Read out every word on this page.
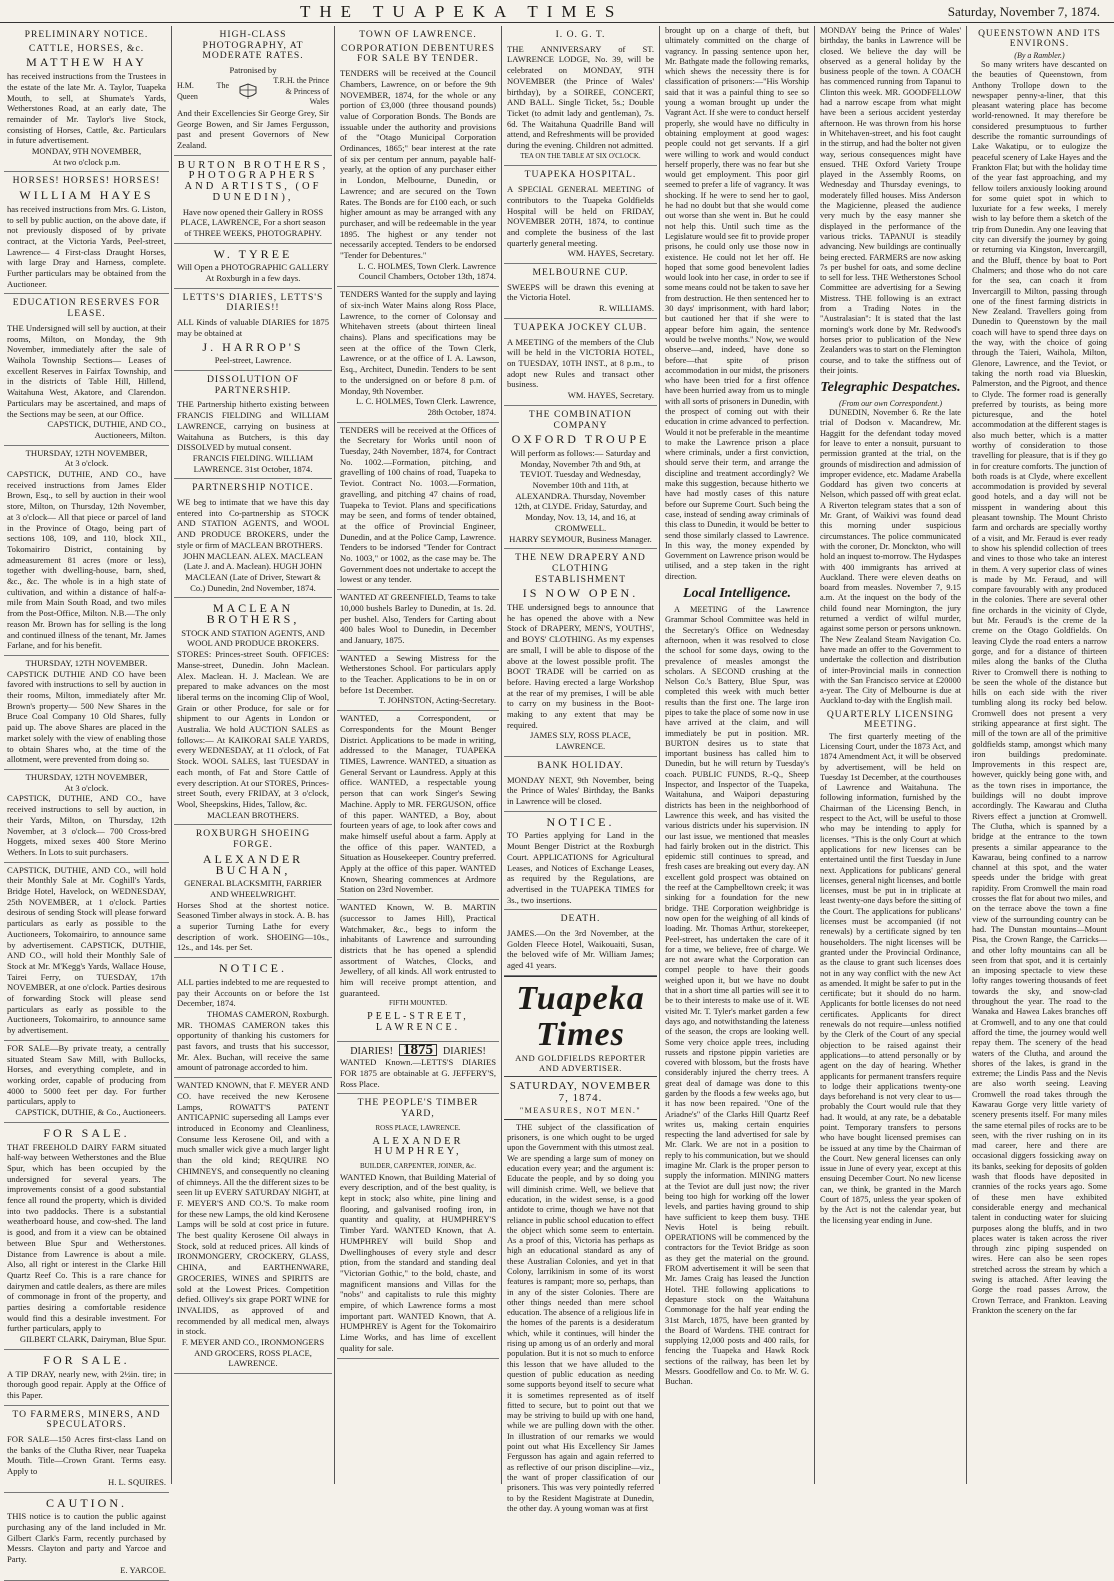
THE TUAPEKA TIMES	Saturday, November 7, 1874.
PRELIMINARY NOTICE.
CATTLE, HORSES, &c.
MATTHEW HAY
has received instructions from the Trustees in the estate of the late Mr. A. Taylor, Tuapeka Mouth, to sell, at Shumate's Yards, Wetherstones Road, at an early date, The remainder of Mr. Taylor's live Stock, consisting of Horses, Cattle, &c. Particulars in future advertisement.
MONDAY, 9TH NOVEMBER,
At two o'clock p.m.
HORSES! HORSES! HORSES!
WILLIAM HAYES
has received instructions from Mrs. G. Liston, to sell by public auction, on the above date, if not previously disposed of by private contract, at the Victoria Yards, Peel-street, Lawrence— 4 First-class Draught Horses, with large Dray and Harness, complete. Further particulars may be obtained from the Auctioneer.
EDUCATION RESERVES FOR LEASE.
THE Undersigned will sell by auction, at their rooms, Milton, on Monday, the 9th November, immediately after the sale of Waihola Township Sections— Leases of excellent Reserves in Fairfax Township, and in the districts of Table Hill, Hillend, Waitahuna West, Akatore, and Clarendon. Particulars may be ascertained, and maps of the Sections may be seen, at our Office.
CAPSTICK, DUTHIE, AND CO., Auctioneers, Milton.
THURSDAY, 12TH NOVEMBER,
At 3 o'clock.
CAPSTICK, DUTHIE, AND CO., have received instructions from James Elder Brown, Esq., to sell by auction in their wool store, Milton, on Thursday, 12th November, at 3 o'clock— All that piece or parcel of land in the Province of Otago, being part of sections 108, 109, and 110, block XII., Tokomairiro District, containing by admeasurement 81 acres (more or less), together with dwelling-house, barn, shed, &c., &c. The whole is in a high state of cultivation, and within a distance of half-a-mile from Main South Road, and two miles from the Post-Office, Milton. N.B.—The only reason Mr. Brown has for selling is the long and continued illness of the tenant, Mr. James Farlane, and for his benefit.
THURSDAY, 12TH NOVEMBER.
CAPSTICK DUTHIE AND CO have been favored with instructions to sell by auction in their rooms, Milton, immediately after Mr. Brown's property— 500 New Shares in the Bruce Coal Company 10 Old Shares, fully paid up. The above Shares are placed in the market solely with the view of enabling those to obtain Shares who, at the time of the allotment, were prevented from doing so.
THURSDAY, 12TH NOVEMBER,
At 3 o'clock.
CAPSTICK, DUTHIE, AND CO., have received instructions to sell by auction, in their Yards, Milton, on Thursday, 12th November, at 3 o'clock— 700 Cross-bred Hoggets, mixed sexes 400 Store Merino Wethers. In Lots to suit purchasers.
CAPSTICK, DUTHIE, AND CO., will hold their Monthly Sale at Mr. Coghill's Yards, Bridge Hotel, Havelock, on WEDNESDAY, 25th NOVEMBER, at 1 o'clock. Parties desirous of sending Stock will please forward particulars as early as possible to the Auctioneers, Tokomairiro, to announce same by advertisement. CAPSTICK, DUTHIE, AND CO., will hold their Monthly Sale of Stock at Mr. M'Kegg's Yards, Wallace House, Tairei Ferry, on TUESDAY, 17th NOVEMBER, at one o'clock. Parties desirous of forwarding Stock will please send particulars as early as possible to the Auctioneers, Tokomairiro, to announce same by advertisement.
FOR SALE—By private treaty, a centrally situated Steam Saw Mill, with Bullocks, Horses, and everything complete, and in working order, capable of producing from 4000 to 5000 feet per day. For further particulars, apply to
CAPSTICK, DUTHIE, & Co., Auctioneers.
FOR SALE.
THAT FREEHOLD DAIRY FARM situated half-way between Wetherstones and the Blue Spur, which has been occupied by the undersigned for several years. The improvements consist of a good substantial fence all round the property, which is divided into two paddocks. There is a substantial weatherboard house, and cow-shed. The land is good, and from it a view can be obtained between Blue Spur and Wetherstones. Distance from Lawrence is about a mile. Also, all right or interest in the Clarke Hill Quartz Reef Co. This is a rare chance for dairymen and cattle dealers, as there are miles of commonage in front of the property, and parties desiring a comfortable residence would find this a desirable investment. For further particulars, apply to
GILBERT CLARK, Dairyman, Blue Spur.
FOR SALE.
A TIP DRAY, nearly new, with 2½in. tire; in thorough good repair. Apply at the Office of this Paper.
TO FARMERS, MINERS, AND SPECULATORS.
FOR SALE—150 Acres first-class Land on the banks of the Clutha River, near Tuapeka Mouth. Title—Crown Grant. Terms easy. Apply to
H. L. SQUIRES.
CAUTION.
THIS notice is to caution the public against purchasing any of the land included in Mr. Gilbert Clark's Farm, recently purchased by Messrs. Clayton and party and Yarcoe and Party.
E. YARCOE.
HIGH-CLASS PHOTOGRAPHY, AT MODERATE RATES.
Patronised by
H.M. The Queen
T.R.H. the Prince & Princess of Wales
And their Excellencies Sir George Grey, Sir George Bowen, and Sir James Fergusson, past and present Governors of New Zealand.
BURTON BROTHERS, PHOTOGRAPHERS AND ARTISTS, (OF DUNEDIN),
Have now opened their Gallery in ROSS PLACE, LAWRENCE, For a short season of THREE WEEKS, PHOTOGRAPHY.
W. TYREE
Will Open a PHOTOGRAPHIC GALLERY At Roxburgh in a few days.
LETTS'S DIARIES, LETTS'S DIARIES!!
ALL Kinds of valuable DIARIES for 1875 may be obtained at
J. HARROP'S
Peel-street, Lawrence.
DISSOLUTION OF PARTNERSHIP.
THE Partnership hitherto existing between FRANCIS FIELDING and WILLIAM LAWRENCE, carrying on business at Waitahuna as Butchers, is this day DISSOLVED by mutual consent.
FRANCIS FIELDING. WILLIAM LAWRENCE. 31st October, 1874.
PARTNERSHIP NOTICE.
WE beg to intimate that we have this day entered into Co-partnership as STOCK AND STATION AGENTS, and WOOL AND PRODUCE BROKERS, under the style or firm of MACLEAN BROTHERS.
JOHN MACLEAN. ALEX. MACLEAN (Late J. and A. Maclean). HUGH JOHN MACLEAN (Late of Driver, Stewart & Co.) Dunedin, 2nd November, 1874.
MACLEAN BROTHERS,
STOCK AND STATION AGENTS, AND WOOL AND PRODUCE BROKERS.
STORES: Princes-street South. OFFICES: Manse-street, Dunedin. John Maclean. Alex. Maclean. H. J. Maclean. We are prepared to make advances on the most liberal terms on the incoming Clip of Wool, Grain or other Produce, for sale or for shipment to our Agents in London or Australia. We hold AUCTION SALES as follows:— At KAIKORAI SALE YARDS, every WEDNESDAY, at 11 o'clock, of Fat Stock. WOOL SALES, last TUESDAY in each month, of Fat and Store Cattle of every description. At our STORES, Princes-street South, every FRIDAY, at 3 o'clock, Wool, Sheepskins, Hides, Tallow, &c.
MACLEAN BROTHERS.
ROXBURGH SHOEING FORGE.
ALEXANDER BUCHAN,
GENERAL BLACKSMITH, FARRIER AND WHEELWRIGHT.
Horses Shod at the shortest notice. Seasoned Timber always in stock. A. B. has a superior Turning Lathe for every description of work. SHOEING—10s., 12s., and 14s. per Set.
NOTICE.
ALL parties indebted to me are requested to pay their Accounts on or before the 1st December, 1874.
THOMAS CAMERON, Roxburgh.
MR. THOMAS CAMERON takes this opportunity of thanking his customers for past favors, and trusts that his successor, Mr. Alex. Buchan, will receive the same amount of patronage accorded to him.
WANTED KNOWN, that F. MEYER AND CO. have received the new Kerosene Lamps, ROWATT'S PATENT ANTICAPNIC superseding all Lamps ever introduced in Economy and Cleanliness, Consume less Kerosene Oil, and with a much smaller wick give a much larger light than the old kind; REQUIRE NO CHIMNEYS, and consequently no cleaning of chimneys. All the the different sizes to be seen lit up EVERY SATURDAY NIGHT, at F. MEYER'S AND CO.'S. To make room for these new Lamps, the old kind Kerosene Lamps will be sold at cost price in future. The best quality Kerosene Oil always in Stock, sold at reduced prices. All kinds of IRONMONGERY, CROCKERY, GLASS, CHINA, and EARTHENWARE, GROCERIES, WINES and SPIRITS are sold at the Lowest Prices. Competition defied. Ollivey's six grape PORT WINE for INVALIDS, as approved of and recommended by all medical men, always in stock.
F. MEYER AND CO., IRONMONGERS AND GROCERS, ROSS PLACE, LAWRENCE.
TOWN OF LAWRENCE.
CORPORATION DEBENTURES FOR SALE BY TENDER.
TENDERS will be received at the Council Chambers, Lawrence, on or before the 9th NOVEMBER, 1874, for the whole or any portion of £3,000 (three thousand pounds) value of Corporation Bonds. The Bonds are issuable under the authority and provisions of the "Otago Municipal Corporation Ordinances, 1865;" bear interest at the rate of six per centum per annum, payable half-yearly, at the option of any purchaser either in London, Melbourne, Dunedin, or Lawrence; and are secured on the Town Rates. The Bonds are for £100 each, or such higher amount as may be arranged with any purchaser, and will be redeemable in the year 1895. The highest or any tender not necessarily accepted. Tenders to be endorsed "Tender for Debentures."
L. C. HOLMES, Town Clerk. Lawrence Council Chambers, October 13th, 1874.
TENDERS Wanted for the supply and laying of six-inch Water Mains along Ross Place, Lawrence, to the corner of Colonsay and Whitehaven streets (about thirteen lineal chains). Plans and specifications may be seen at the office of the Town Clerk, Lawrence, or at the office of I. A. Lawson, Esq., Architect, Dunedin. Tenders to be sent to the undersigned on or before 8 p.m. of Monday, 9th November.
L. C. HOLMES, Town Clerk. Lawrence, 28th October, 1874.
TENDERS will be received at the Offices of the Secretary for Works until noon of Tuesday, 24th November, 1874, for Contract No. 1002.—Formation, pitching, and gravelling of 100 chains of road, Tuapeka to Teviot. Contract No. 1003.—Formation, gravelling, and pitching 47 chains of road, Tuapeka to Teviot. Plans and specifications may be seen, and forms of tender obtained, at the office of Provincial Engineer, Dunedin, and at the Police Camp, Lawrence. Tenders to be indorsed "Tender for Contract No. 1003," or 1002, as the case may be. The Government does not undertake to accept the lowest or any tender.
WANTED AT GREENFIELD, Teams to take 10,000 bushels Barley to Dunedin, at 1s. 2d. per bushel. Also, Tenders for Carting about 400 bales Wool to Dunedin, in December and January, 1875.
WANTED a Sewing Mistress for the Wetherstones School. For particulars apply to the Teacher. Applications to be in on or before 1st December.
T. JOHNSTON, Acting-Secretary.
WANTED, a Correspondent, or Correspondents for the Mount Benger District. Applications to be made in writing, addressed to the Manager, TUAPEKA TIMES, Lawrence. WANTED, a situation as General Servant or Laundress. Apply at this office. WANTED, a respectable young person that can work Singer's Sewing Machine. Apply to MR. FERGUSON, office of this paper. WANTED, a Boy, about fourteen years of age, to look after cows and make himself useful about a farm. Apply at the office of this paper. WANTED, a Situation as Housekeeper. Country preferred. Apply at the office of this paper. WANTED Known, Shearing commences at Ardmore Station on 23rd November.
WANTED Known, W. B. MARTIN (successor to James Hill), Practical Watchmaker, &c., begs to inform the inhabitants of Lawrence and surrounding districts that he has opened a splendid assortment of Watches, Clocks, and Jewellery, of all kinds. All work entrusted to him will receive prompt attention, and guaranteed.
FIFTH MOUNTED.
PEEL-STREET, LAWRENCE.
DIARIES! 1875 DIARIES!
WANTED Known.—LETTS'S DIARIES FOR 1875 are obtainable at G. JEFFERY'S, Ross Place.
THE PEOPLE'S TIMBER YARD,
ROSS PLACE, LAWRENCE.
ALEXANDER HUMPHREY,
BUILDER, CARPENTER, JOINER, &c.
WANTED Known, that Building Material of every description, and of the best quality, is kept in stock; also white, pine lining and flooring, and galvanised roofing iron, in quantity and quality, at HUMPHREY'S Timber Yard. WANTED Known, that A. HUMPHREY will build Shop and Dwellinghouses of every style and descr ption, from the standard and standing deal "Victorian Gothic," to the bold, chaste, and magnificent mansions and Villas for the "nobs" and capitalists to rule this mighty empire, of which Lawrence forms a most important part. WANTED Known, that A. HUMPHREY is Agent for the Tokomairiro Lime Works, and has lime of excellent quality for sale.
I. O. G. T.
THE ANNIVERSARY of ST. LAWRENCE LODGE, No. 39, will be celebrated on MONDAY, 9TH NOVEMBER (the Prince of Wales' birthday), by a SOIREE, CONCERT, AND BALL. Single Ticket, 5s.; Double Ticket (to admit lady and gentleman), 7s. 6d. The Waitahuna Quadrille Band will attend, and Refreshments will be provided during the evening. Children not admitted.
TEA ON THE TABLE AT SIX O'CLOCK.
TUAPEKA HOSPITAL.
A SPECIAL GENERAL MEETING of contributors to the Tuapeka Goldfields Hospital will be held on FRIDAY, NOVEMBER 20TH, 1874, to continue and complete the business of the last quarterly general meeting.
WM. HAYES, Secretary.
MELBOURNE CUP.
SWEEPS will be drawn this evening at the Victoria Hotel.
R. WILLIAMS.
TUAPEKA JOCKEY CLUB.
A MEETING of the members of the Club will be held in the VICTORIA HOTEL, on TUESDAY, 10TH INST., at 8 p.m., to adopt new Rules and transact other business.
WM. HAYES, Secretary.
THE COMBINATION COMPANY
OXFORD TROUPE
Will perform as follows:— Saturday and Monday, November 7th and 9th, at TEVIOT. Tuesday and Wednesday, November 10th and 11th, at ALEXANDRA. Thursday, November 12th, at CLYDE. Friday, Saturday, and Monday, Nov. 13, 14, and 16, at CROMWELL.
HARRY SEYMOUR, Business Manager.
THE NEW DRAPERY AND CLOTHING ESTABLISHMENT
IS NOW OPEN.
THE undersigned begs to announce that he has opened the above with a New Stock of DRAPERY, MEN'S, YOUTHS', and BOYS' CLOTHING. As my expenses are small, I will be able to dispose of the above at the lowest possible profit. The BOOT TRADE will be carried on as before. Having erected a large Workshop at the rear of my premises, I will be able to carry on my business in the Boot-making to any extent that may be required.
JAMES SLY, ROSS PLACE, LAWRENCE.
BANK HOLIDAY.
MONDAY NEXT, 9th November, being the Prince of Wales' Birthday, the Banks in Lawrence will be closed.
NOTICE.
TO Parties applying for Land in the Mount Benger District at the Roxburgh Court. APPLICATIONS for Agricultural Leases, and Notices of Exchange Leases, as required by the Regulations, are advertised in the TUAPEKA TIMES for 3s., two insertions.
DEATH.
JAMES.—On the 3rd November, at the Golden Fleece Hotel, Waikouaiti, Susan, the beloved wife of Mr. William James; aged 41 years.
Tuapeka Times
AND GOLDFIELDS REPORTER AND ADVERTISER.
SATURDAY, NOVEMBER 7, 1874.
"MEASURES, NOT MEN."
THE subject of the classification of prisoners, is one which ought to be urged upon the Government with this utmost zeal. We are spending a large sum of money on education every year; and the argument is: Educate the people, and by so doing you will diminish crime. Well, we believe that education, in the widest sense, is a good antidote to crime, though we have not that reliance in public school education to effect the object which some seem to entertain. As a proof of this, Victoria has perhaps as high an educational standard as any of these Australian Colonies, and yet in that Colony, larrikinism in some of its worst features is rampant; more so, perhaps, than in any of the sister Colonies. There are other things needed than mere school education. The absence of a religious life in the homes of the parents is a desideratum which, while it continues, will hinder the rising up among us of an orderly and moral population. But it is not so much to enforce this lesson that we have alluded to the question of public education as needing some supports beyond itself to secure what it is sometimes represented as of itself fitted to secure, but to point out that we may be striving to build up with one hand, while we are pulling down with the other. In illustration of our remarks we would point out what His Excellency Sir James Fergusson has again and again referred to as reflective of our prison discipline—viz., the want of proper classification of our prisoners. This was very pointedly referred to by the Resident Magistrate at Dunedin, the other day. A young woman was at first
brought up on a charge of theft, but ultimately committed on the charge of vagrancy. In passing sentence upon her, Mr. Bathgate made the following remarks, which shews the necessity there is for classification of prisoners:—"His Worship said that it was a painful thing to see so young a woman brought up under the Vagrant Act. If she were to conduct herself properly, she would have no difficulty in obtaining employment at good wages: people could not get servants. If a girl were willing to work and would conduct herself properly, there was no fear but she would get employment. This poor girl seemed to prefer a life of vagrancy. It was shocking. If he were to send her to gaol, he had no doubt but that she would come out worse than she went in. But he could not help this. Until such time as the Legislature would see fit to provide proper prisons, he could only use those now in existence. He could not let her off. He hoped that some good benevolent ladies would look into her case, in order to see if some means could not be taken to save her from destruction. He then sentenced her to 30 days' imprisonment, with hard labor; but cautioned her that if she were to appear before him again, the sentence would be twelve months." Now, we would observe—and, indeed, have done so before—that spite of prison accommodation in our midst, the prisoners who have been tried for a first offence have been hurried away from us to mingle with all sorts of prisoners in Dunedin, with the prospect of coming out with their education in crime advanced to perfection. Would it not be preferable in the meantime to make the Lawrence prison a place where criminals, under a first conviction, should serve their term, and arrange the discipline and treatment accordingly? We make this suggestion, because hitherto we have had mostly cases of this nature before our Supreme Court. Such being the case, instead of sending away criminals of this class to Dunedin, it would be better to send those similarly classed to Lawrence. In this way, the money expended by Government on Lawrence prison would be utilised, and a step taken in the right direction.
Local Intelligence.
A MEETING of the Lawrence Grammar School Committee was held in the Secretary's Office on Wednesday afternoon, when it was resolved to close the school for some days, owing to the prevalence of measles amongst the scholars. A SECOND crushing at the Nelson Co.'s Battery, Blue Spur, was completed this week with much better results than the first one. The large iron pipes to take the place of some now in use have arrived at the claim, and will immediately be put in position. MR. BURTON desires us to state that important business has called him to Dunedin, but he will return by Tuesday's coach. PUBLIC FUNDS, R.-Q., Sheep Inspector, and Inspector of the Tuapeka, Waitahuna, and Waipori depasturing districts has been in the neighborhood of Lawrence this week, and has visited the various districts under his supervision. IN our last issue, we mentioned that measles had fairly broken out in the district. This epidemic still continues to spread, and fresh cases are breaking out every day. AN excellent gold prospect was obtained on the reef at the Campbelltown creek; it was sinking for a foundation for the new bridge. THE Corporation weighbridge is now open for the weighing of all kinds of loading. Mr. Thomas Arthur, storekeeper, Peel-street, has undertaken the care of it for a time, we believe, free of charge. We are not aware what the Corporation can compel people to have their goods weighed upon it, but we have no doubt that in a short time all parties will see it to be to their interests to make use of it. WE visited Mr. T. Tyler's market garden a few days ago, and notwithstanding the lateness of the season, the crops are looking well. Some very choice apple trees, including russets and ripstone pippin varieties are covered with blossom, but the frosts have considerably injured the cherry trees. A great deal of damage was done to this garden by the floods a few weeks ago, but it has now been repaired. "One of the Ariadne's" of the Clarks Hill Quartz Reef writes us, making certain enquiries respecting the land advertised for sale by Mr. Clark. We are not in a position to reply to his communication, but we should imagine Mr. Clark is the proper person to supply the information. MINING matters at the Teviot are dull just now; the river being too high for working off the lower levels, and parties having ground to ship have sufficient to keep them busy. THE Nevis Hotel is being rebuilt. OPERATIONS will be commenced by the contractors for the Teviot Bridge as soon as they get the material on the ground. FROM advertisement it will be seen that Mr. James Craig has leased the Junction Hotel. THE following applications to depasture stock on the Waitahuna Commonage for the half year ending the 31st March, 1875, have been granted by the Board of Wardens. THE contract for supplying 12,000 posts and 400 rails, for fencing the Tuapeka and Hawk Rock sections of the railway, has been let by Messrs. Goodfellow and Co. to Mr. W. G. Buchan.
MONDAY being the Prince of Wales' birthday, the banks in Lawrence will be closed. We believe the day will be observed as a general holiday by the business people of the town. A COACH has commenced running from Tapanui to Clinton this week. MR. GOODFELLOW had a narrow escape from what might have been a serious accident yesterday afternoon. He was thrown from his horse in Whitehaven-street, and his foot caught in the stirrup, and had the bolter not given way, serious consequences might have ensued. THE Oxford Variety Troupe played in the Assembly Rooms, on Wednesday and Thursday evenings, to moderately filled houses. Miss Anderson the Magicienne, pleased the audience very much by the easy manner she displayed in the performance of the various tricks. TAPANUI is steadily advancing. New buildings are continually being erected. FARMERS are now asking 7s per bushel for oats, and some decline to sell for less. THE Wetherstones School Committee are advertising for a Sewing Mistress. THE following is an extract from a Trading Notes in the "Australasian": It is stated that the last morning's work done by Mr. Redwood's horses prior to publication of the New Zealanders was to start on the Flemington course, and to take the stiffness out of their joints.
Telegraphic Despatches.
(From our own Correspondent.)
DUNEDIN, November 6. Re the late trial of Dodson v. Macandrew, Mr. Haggitt for the defendant today moved for leave to enter a nonsuit, pursuant to permission granted at the trial, on the grounds of misdirection and admission of improper evidence, etc. Madame Arabella Goddard has given two concerts at Nelson, which passed off with great eclat. A Riverton telegram states that a son of Mr. Grant, of Waikivi was found dead this morning under suspicious circumstances. The police communicated with the coroner, Dr. Monckton, who will hold an inquest to-morrow. The Hydaspes with 400 immigrants has arrived at Auckland. There were eleven deaths on board from measles. November 7, 9.15 a.m. At the inquest on the body of the child found near Mornington, the jury returned a verdict of wilful murder, against some person or persons unknown. The New Zealand Steam Navigation Co. have made an offer to the Government to undertake the collection and distribution of inter-Provincial mails in connection with the San Francisco service at £20000 a-year. The City of Melbourne is due at Auckland to-day with the English mail.
QUARTERLY LICENSING MEETING.
The first quarterly meeting of the Licensing Court, under the 1873 Act, and 1874 Amendment Act, it will be observed by advertisement, will be held on Tuesday 1st December, at the courthouses of Lawrence and Waitahuna. The following information, furnished by the Chairman of the Licensing Bench, in respect to the Act, will be useful to those who may be intending to apply for licenses. "This is the only Court at which applications for new licenses can be entertained until the first Tuesday in June next. Applications for publicans' general licenses, general night licenses, and bottle licenses, must be put in in triplicate at least twenty-one days before the sitting of the Court. The applications for publicans' licenses must be accompanied (if not renewals) by a certificate signed by ten householders. The night licenses will be granted under the Provincial Ordinance, as the clause to grant such licenses does not in any way conflict with the new Act as amended. It might be safer to put in the certificate; but it should do no harm. Applicants for bottle licenses do not need certificates. Applicants for direct renewals do not require—unless notified by the Clerk of the Court of any special objection to be raised against their applications—to attend personally or by agent on the day of hearing. Whether applicants for permanent transfers require to lodge their applications twenty-one days beforehand is not very clear to us—probably the Court would rule that they had. It would, at any rate, be a debatable point. Temporary transfers to persons who have bought licensed premises can be issued at any time by the Chairman of the Court. New general licenses can only issue in June of every year, except at this ensuing December Court. No new license can, we think, be granted in the March Court of 1875, unless the year spoken of by the Act is not the calendar year, but the licensing year ending in June.
QUEENSTOWN AND ITS ENVIRONS.
(By a Rambler.)
So many writers have descanted on the beauties of Queenstown, from Anthony Trollope down to the newspaper penny-a-liner, that this pleasant watering place has become world-renowned. It may therefore be considered presumptuous to further describe the romantic surroundings of Lake Wakatipu, or to eulogize the peaceful scenery of Lake Hayes and the Frankton Flat; but with the holiday time of the year fast approaching, and my fellow toilers anxiously looking around for some quiet spot in which to luxuriate for a few weeks, I merely wish to lay before them a sketch of the trip from Dunedin. Any one leaving that city can diversify the journey by going or returning via Kingston, Invercargill, and the Bluff, thence by boat to Port Chalmers; and those who do not care for the sea, can coach it from Invercargill to Milton, passing through one of the finest farming districts in New Zealand. Travellers going from Dunedin to Queenstown by the mail coach will have to spend three days on the way, with the choice of going through the Taieri, Waihola, Milton, Glenore, Lawrence, and the Teviot, or taking the north road via Blueskin, Palmerston, and the Pigroot, and thence to Clyde. The former road is generally preferred by tourists, as being more picturesque, and the hotel accommodation at the different stages is also much better, which is a matter worthy of consideration to those travelling for pleasure, that is if they go in for creature comforts. The junction of both roads is at Clyde, where excellent accommodation is provided by several good hotels, and a day will not be misspent in wandering about this pleasant township. The Mount Christo farm and orchards are specially worthy of a visit, and Mr. Feraud is ever ready to show his splendid collection of trees and vines to those who take an interest in them. A very superior class of wines is made by Mr. Feraud, and will compare favourably with any produced in the colonies. There are several other fine orchards in the vicinity of Clyde, but Mr. Feraud's is the creme de la creme on the Otago Goldfields. On leaving Clyde the road enters a narrow gorge, and for a distance of thirteen miles along the banks of the Clutha River to Cromwell there is nothing to be seen the whole of the distance but hills on each side with the river tumbling along its rocky bed below. Cromwell does not present a very striking appearance at first sight. The mill of the town are all of the primitive goldfields stamp, amongst which many iron buildings predominate. Improvements in this respect are, however, quickly being gone with, and as the town rises in importance, the buildings will no doubt improve accordingly. The Kawarau and Clutha Rivers effect a junction at Cromwell. The Clutha, which is spanned by a bridge at the entrance to the town presents a similar appearance to the Kawarau, being confined to a narrow channel at this spot, and the water speeds under the bridge with great rapidity. From Cromwell the main road crosses the flat for about two miles, and on the terrace above the town a fine view of the surrounding country can be had. The Dunstan mountains—Mount Pisa, the Crown Range, the Carricks—and other lofty mountains can all be seen from that spot, and it is certainly an imposing spectacle to view these lofty ranges towering thousands of feet towards the sky, and snow-clad throughout the year. The road to the Wanaka and Hawea Lakes branches off at Cromwell, and to any one that could afford the time, the journey would well repay them. The scenery of the head waters of the Clutha, and around the shores of the lakes, is grand in the extreme; the Lindis Pass and the Nevis are also worth seeing. Leaving Cromwell the road takes through the Kawarau Gorge very little variety of scenery presents itself. For many miles the same eternal piles of rocks are to be seen, with the river rushing on in its mad career, here and there are occasional diggers fossicking away on its banks, seeking for deposits of golden wash that floods have deposited in crannies of the rocks years ago. Some of these men have exhibited considerable energy and mechanical talent in conducting water for sluicing purposes along the bluffs, and in two places water is taken across the river through zinc piping suspended on wires. Here can also be seen ropes stretched across the stream by which a swing is attached. After leaving the Gorge the road passes Arrow, the Crown Terrace, and Frankton. Leaving Frankton the scenery on the far
